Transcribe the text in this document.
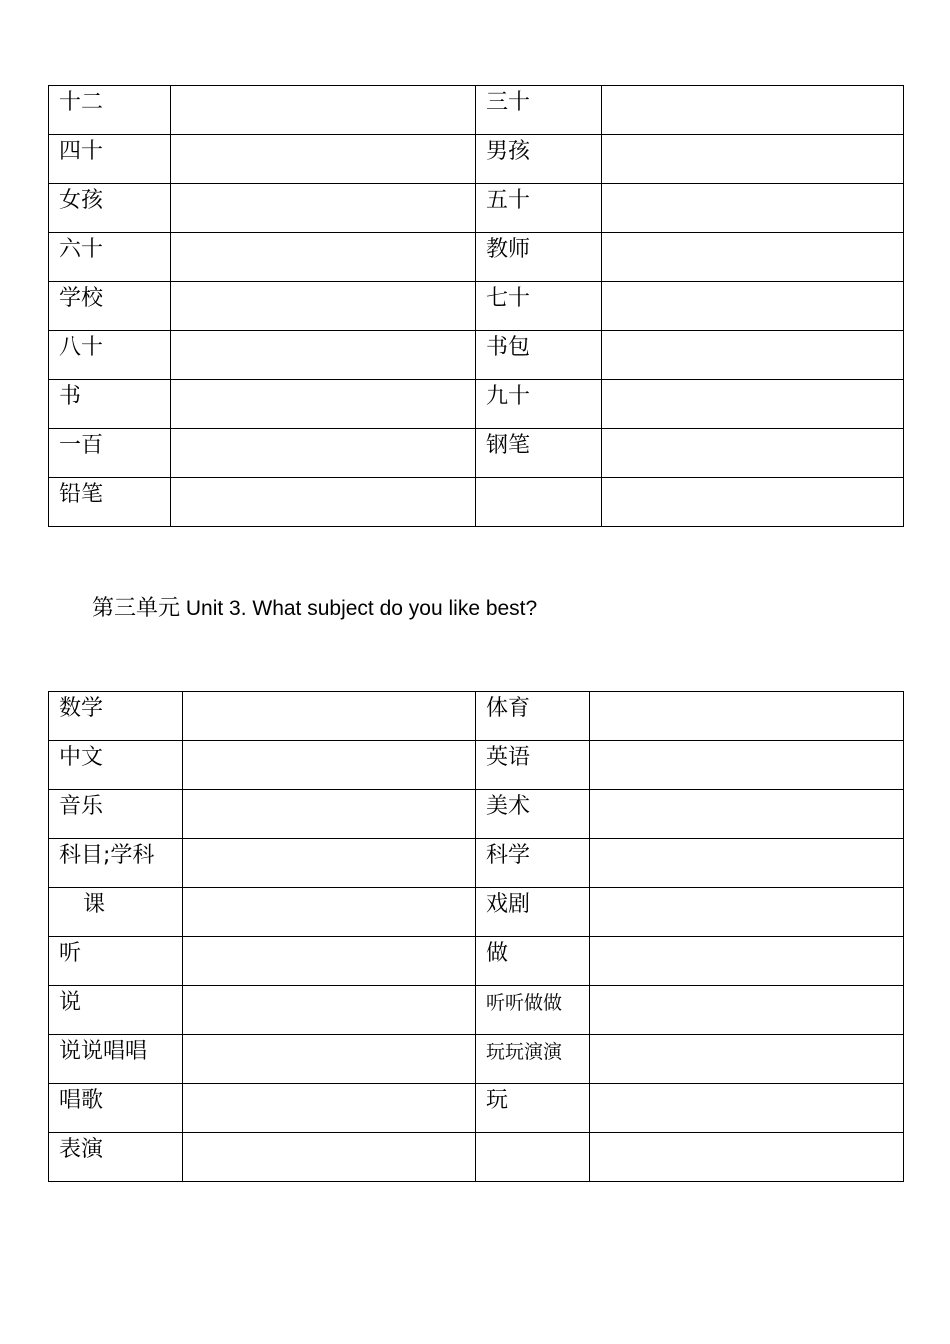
十二		三十	
四十		男孩	
女孩		五十	
六十		教师	
学校		七十	
八十		书包	
书		九十	
一百		钢笔	
铅笔			
第三单元 Unit 3. What subject do you like best?
数学		体育	
中文		英语	
音乐		美术	
科目;学科		科学	
课		戏剧	
听		做	
说		听听做做	
说说唱唱		玩玩演演	
唱歌		玩	
表演			
